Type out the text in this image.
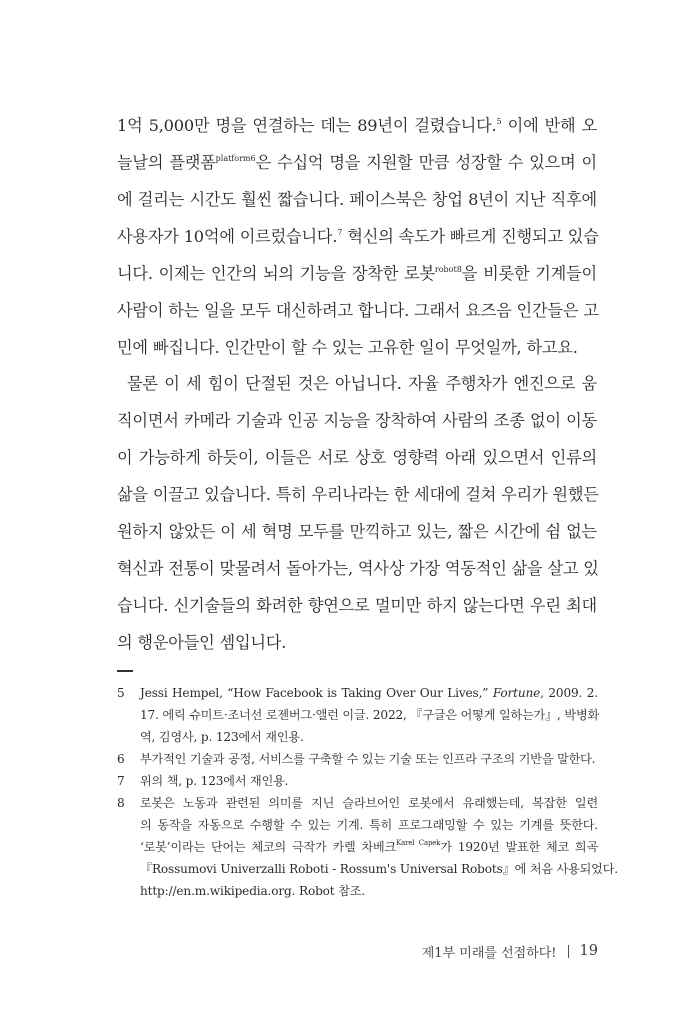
1억 5,000만 명을 연결하는 데는 89년이 걸렸습니다.$^5$ 이에 반해 오
늘날의 플랫폼$^{platform6}$은 수십억 명을 지원할 만큼 성장할 수 있으며 이
에 걸리는 시간도 훨씬 짧습니다. 페이스북은 창업 8년이 지난 직후에
사용자가 10억에 이르렀습니다.$^7$ 혁신의 속도가 빠르게 진행되고 있습
니다. 이제는 인간의 뇌의 기능을 장착한 로봇$^{robot8}$을 비롯한 기계들이
사람이 하는 일을 모두 대신하려고 합니다. 그래서 요즈음 인간들은 고
민에 빠집니다. 인간만이 할 수 있는 고유한 일이 무엇일까, 하고요.
물론 이 세 힘이 단절된 것은 아닙니다. 자율 주행차가 엔진으로 움
직이면서 카메라 기술과 인공 지능을 장착하여 사람의 조종 없이 이동
이 가능하게 하듯이, 이들은 서로 상호 영향력 아래 있으면서 인류의
삶을 이끌고 있습니다. 특히 우리나라는 한 세대에 걸쳐 우리가 원했든
원하지 않았든 이 세 혁명 모두를 만끽하고 있는, 짧은 시간에 쉼 없는
혁신과 전통이 맞물려서 돌아가는, 역사상 가장 역동적인 삶을 살고 있
습니다. 신기술들의 화려한 향연으로 멀미만 하지 않는다면 우린 최대
의 행운아들인 셈입니다.
5 Jessi Hempel, “How Facebook is Taking Over Our Lives,” Fortune, 2009. 2.
17. 에릭 슈미트·조너선 로젠버그·앨런 이글. 2022, 『구글은 어떻게 일하는가』, 박병화
역, 김영사, p. 123에서 재인용.
6 부가적인 기술과 공정, 서비스를 구축할 수 있는 기술 또는 인프라 구조의 기반을 말한다.
7 위의 책, p. 123에서 재인용.
8 로봇은 노동과 관련된 의미를 지닌 슬라브어인 로봇에서 유래했는데, 복잡한 일련
의 동작을 자동으로 수행할 수 있는 기계. 특히 프로그래밍할 수 있는 기계를 뜻한다.
‘로봇’이라는 단어는 체코의 극작가 카렐 차베크$^{Karel Capek}$가 1920년 발표한 체코 희곡
『Rossumovi Univerzalli Roboti - Rossum's Universal Robots』에 처음 사용되었다.
http://en.m.wikipedia.org. Robot 참조.
제1부 미래를 선점하다! 19
